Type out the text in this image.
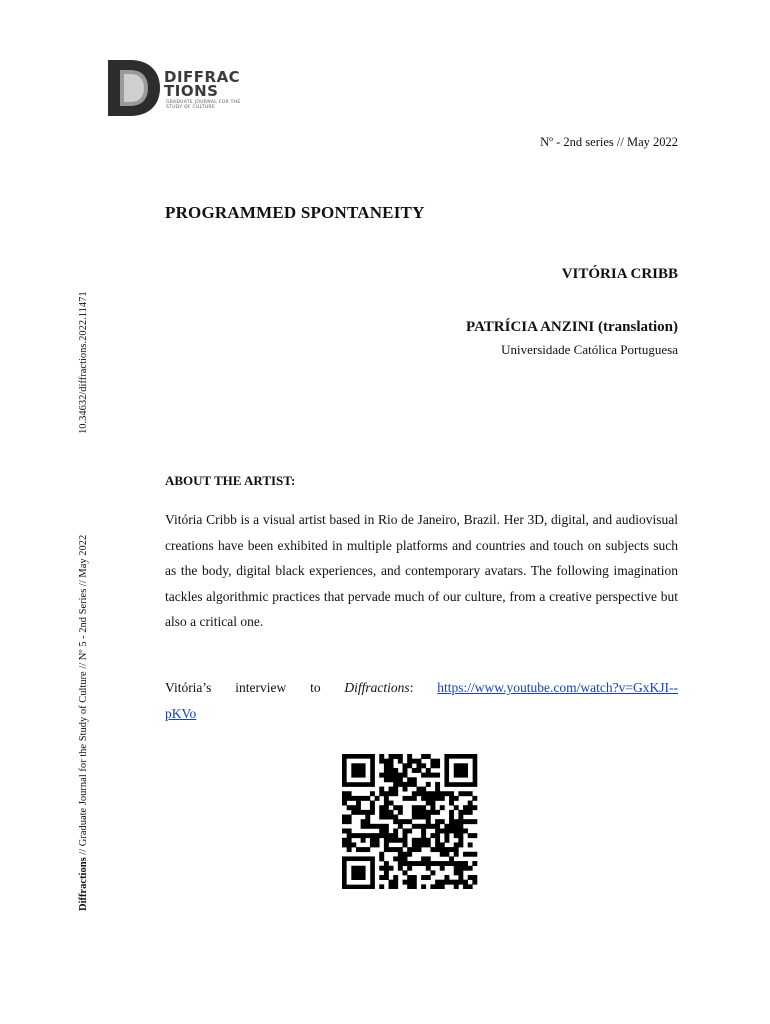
DIFFRAC
TIONS
GRADUATE JOURNAL FOR THE STUDY OF CULTURE
Diffractions // Graduate Journal for the Study of Culture // Nº 5 - 2nd Series // May 2022
10.34632/diffractions.2022.11471
Nº - 2nd series // May 2022
PROGRAMMED SPONTANEITY
VITÓRIA CRIBB
PATRÍCIA ANZINI (translation)
Universidade Católica Portuguesa
ABOUT THE ARTIST:
Vitória Cribb is a visual artist based in Rio de Janeiro, Brazil. Her 3D, digital, and audiovisual creations have been exhibited in multiple platforms and countries and touch on subjects such as the body, digital black experiences, and contemporary avatars. The following imagination tackles algorithmic practices that pervade much of our culture, from a creative perspective but also a critical one.
Vitória’s interview to Diffractions: https://www.youtube.com/watch?v=GxKJI--
pKVo
